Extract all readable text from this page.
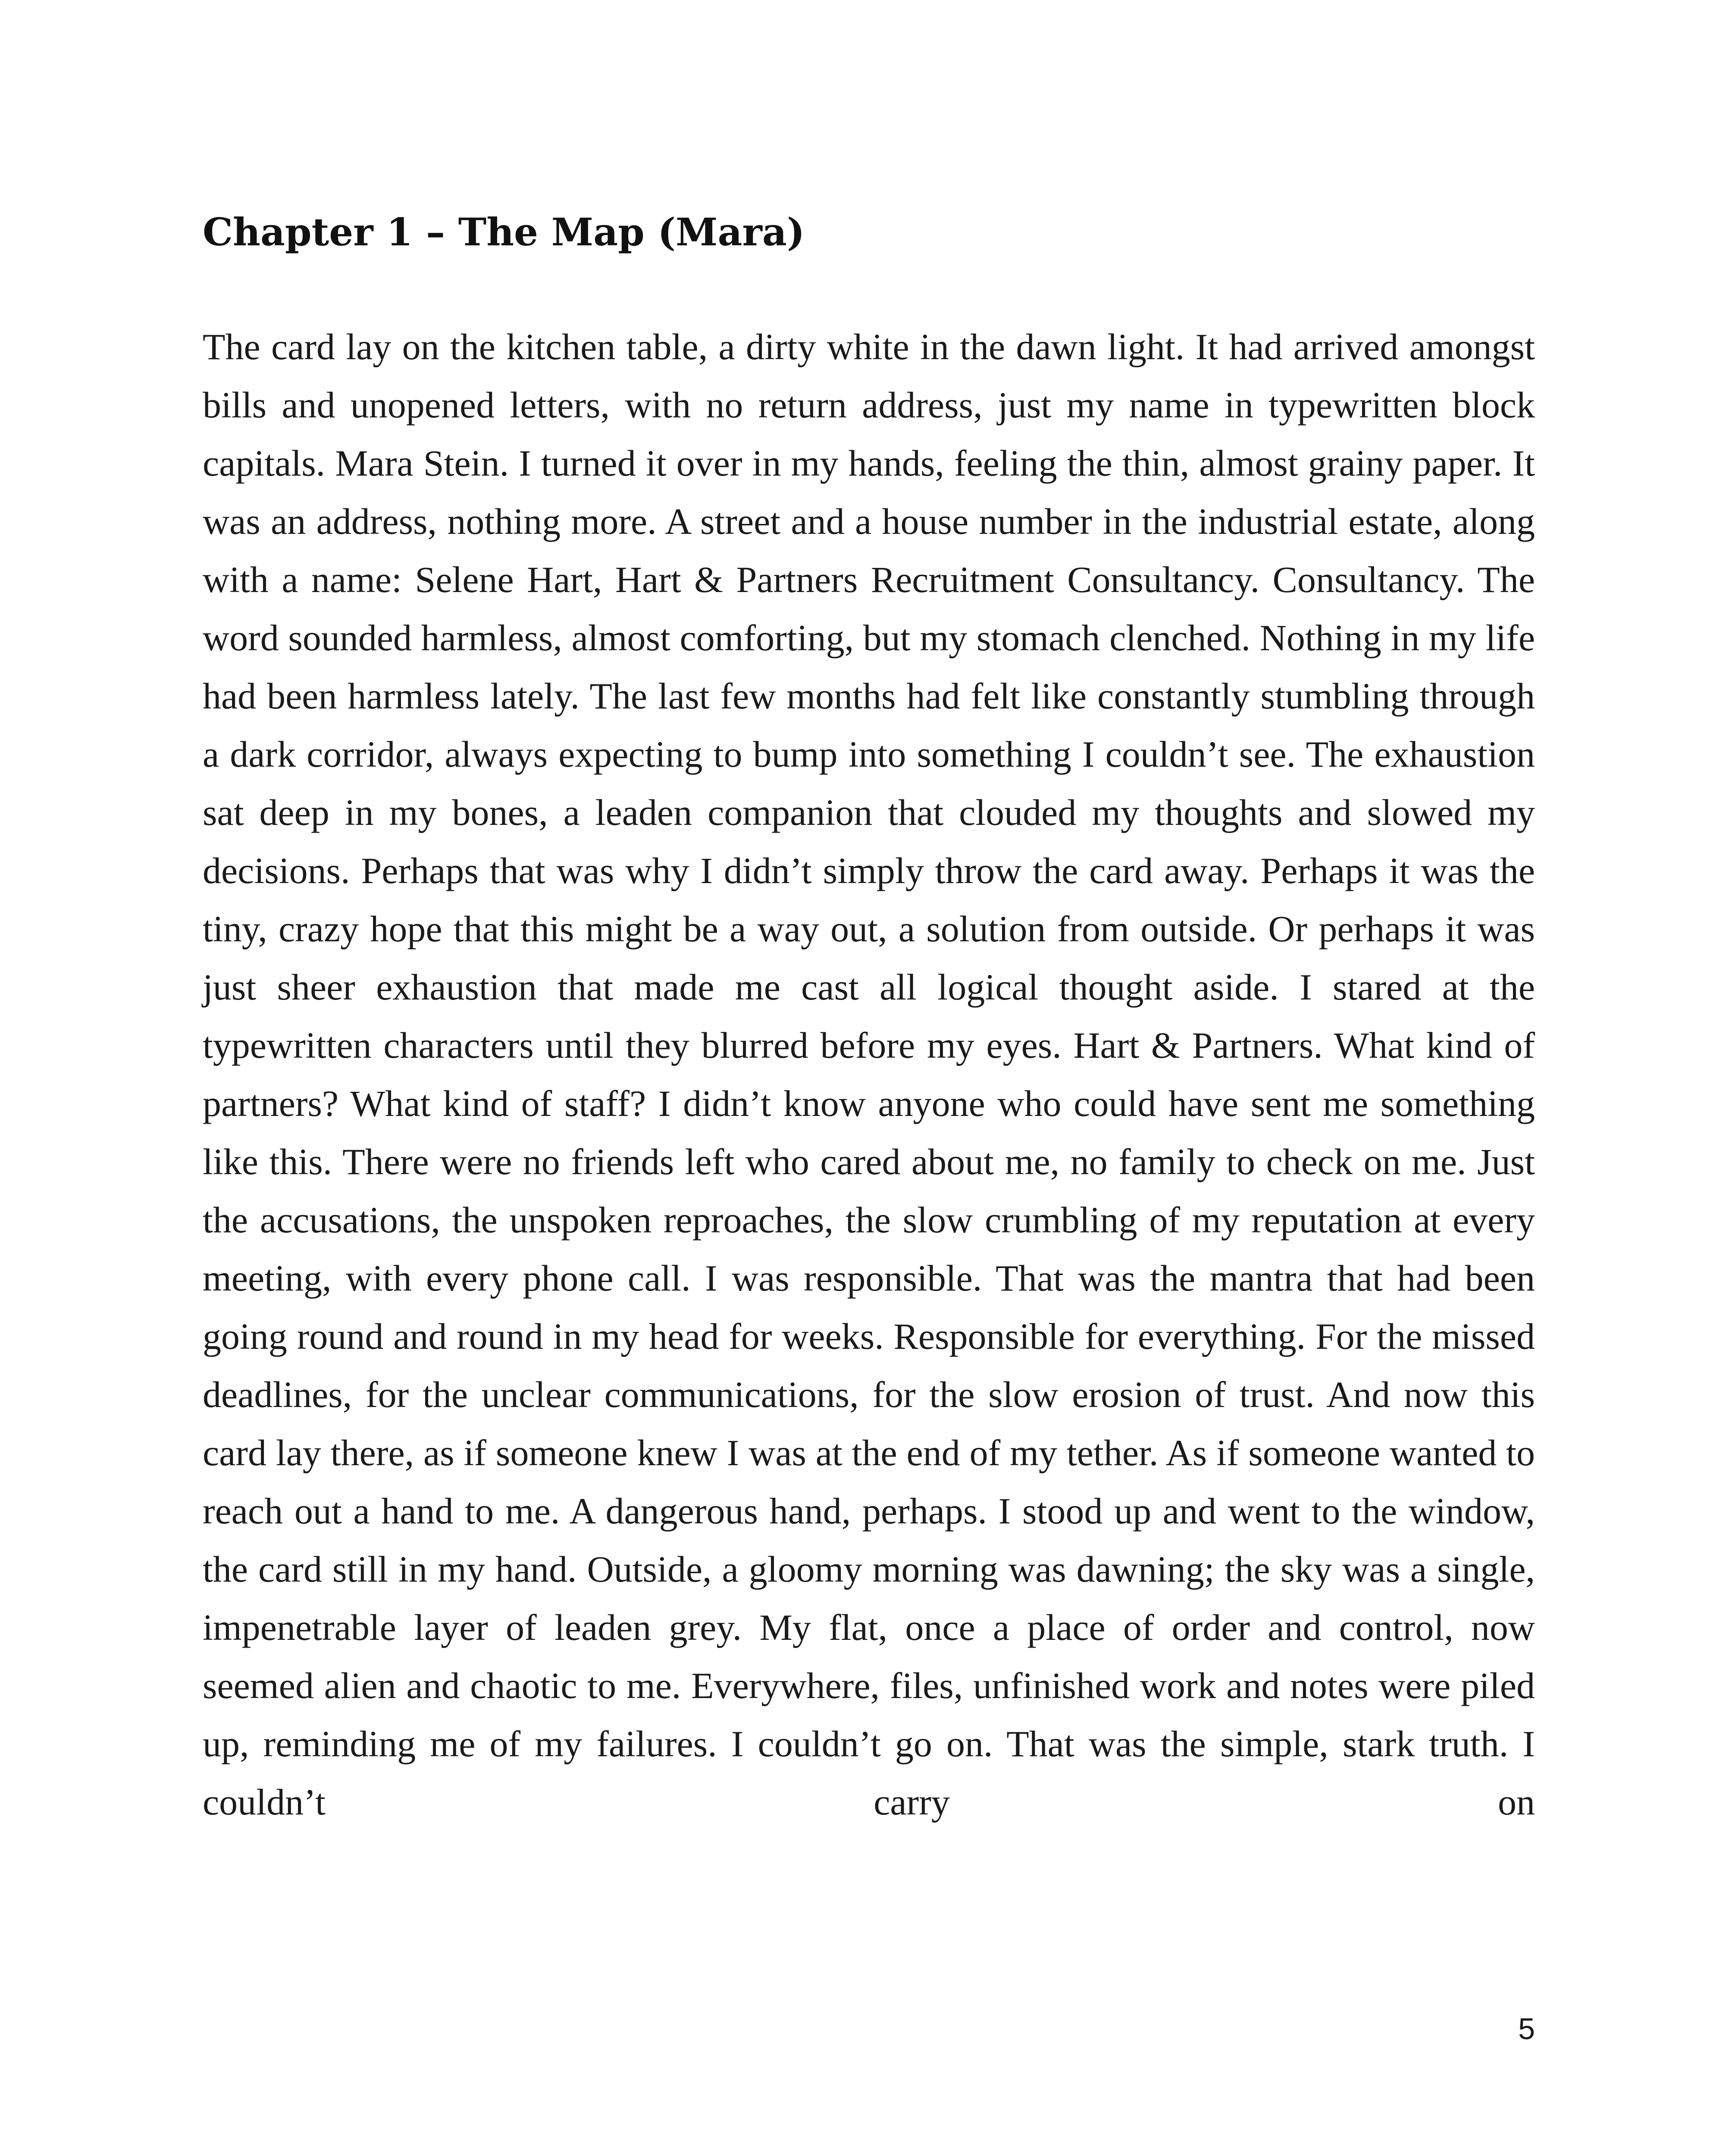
Chapter 1 – The Map (Mara)

The card lay on the kitchen table, a dirty white in the dawn light. It had arrived amongst bills and unopened letters, with no return address, just my name in typewritten block capitals. Mara Stein. I turned it over in my hands, feeling the thin, almost grainy paper. It was an address, nothing more. A street and a house number in the industrial estate, along with a name: Selene Hart, Hart & Partners Recruitment Consultancy. Consultancy. The word sounded harmless, almost comforting, but my stomach clenched. Nothing in my life had been harmless lately. The last few months had felt like constantly stumbling through a dark corridor, always expecting to bump into something I couldn’t see. The exhaustion sat deep in my bones, a leaden companion that clouded my thoughts and slowed my decisions. Perhaps that was why I didn’t simply throw the card away. Perhaps it was the tiny, crazy hope that this might be a way out, a solution from outside. Or perhaps it was just sheer exhaustion that made me cast all logical thought aside. I stared at the typewritten characters until they blurred before my eyes. Hart & Partners. What kind of partners? What kind of staff? I didn’t know anyone who could have sent me something like this. There were no friends left who cared about me, no family to check on me. Just the accusations, the unspoken reproaches, the slow crumbling of my reputation at every meeting, with every phone call. I was responsible. That was the mantra that had been going round and round in my head for weeks. Responsible for everything. For the missed deadlines, for the unclear communications, for the slow erosion of trust. And now this card lay there, as if someone knew I was at the end of my tether. As if someone wanted to reach out a hand to me. A dangerous hand, perhaps. I stood up and went to the window, the card still in my hand. Outside, a gloomy morning was dawning; the sky was a single, impenetrable layer of leaden grey. My flat, once a place of order and control, now seemed alien and chaotic to me. Everywhere, files, unfinished work and notes were piled up, reminding me of my failures. I couldn’t go on. That was the simple, stark truth. I couldn’t carry on

5
